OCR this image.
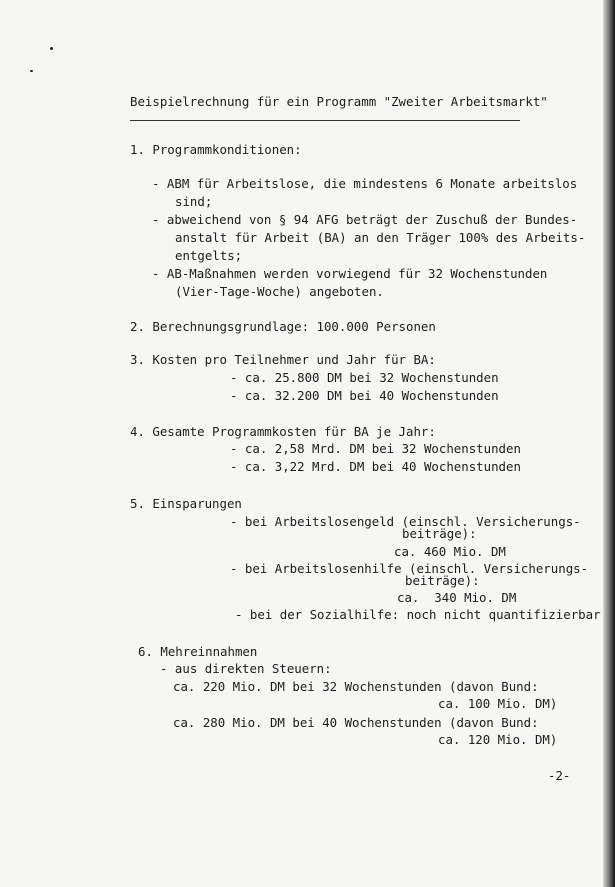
Beispielrechnung für ein Programm "Zweiter Arbeitsmarkt"
1. Programmkonditionen:
- ABM für Arbeitslose, die mindestens 6 Monate arbeitslos
sind;
- abweichend von § 94 AFG beträgt der Zuschuß der Bundes-
anstalt für Arbeit (BA) an den Träger 100% des Arbeits-
entgelts;
- AB-Maßnahmen werden vorwiegend für 32 Wochenstunden
(Vier-Tage-Woche) angeboten.
2. Berechnungsgrundlage: 100.000 Personen
3. Kosten pro Teilnehmer und Jahr für BA:
- ca. 25.800 DM bei 32 Wochenstunden
- ca. 32.200 DM bei 40 Wochenstunden
4. Gesamte Programmkosten für BA je Jahr:
- ca. 2,58 Mrd. DM bei 32 Wochenstunden
- ca. 3,22 Mrd. DM bei 40 Wochenstunden
5. Einsparungen
- bei Arbeitslosengeld (einschl. Versicherungs-
beiträge):
ca. 460 Mio. DM
- bei Arbeitslosenhilfe (einschl. Versicherungs-
beiträge):
ca.  340 Mio. DM
- bei der Sozialhilfe: noch nicht quantifizierbar
6. Mehreinnahmen
- aus direkten Steuern:
ca. 220 Mio. DM bei 32 Wochenstunden (davon Bund:
ca. 100 Mio. DM)
ca. 280 Mio. DM bei 40 Wochenstunden (davon Bund:
ca. 120 Mio. DM)
-2-
